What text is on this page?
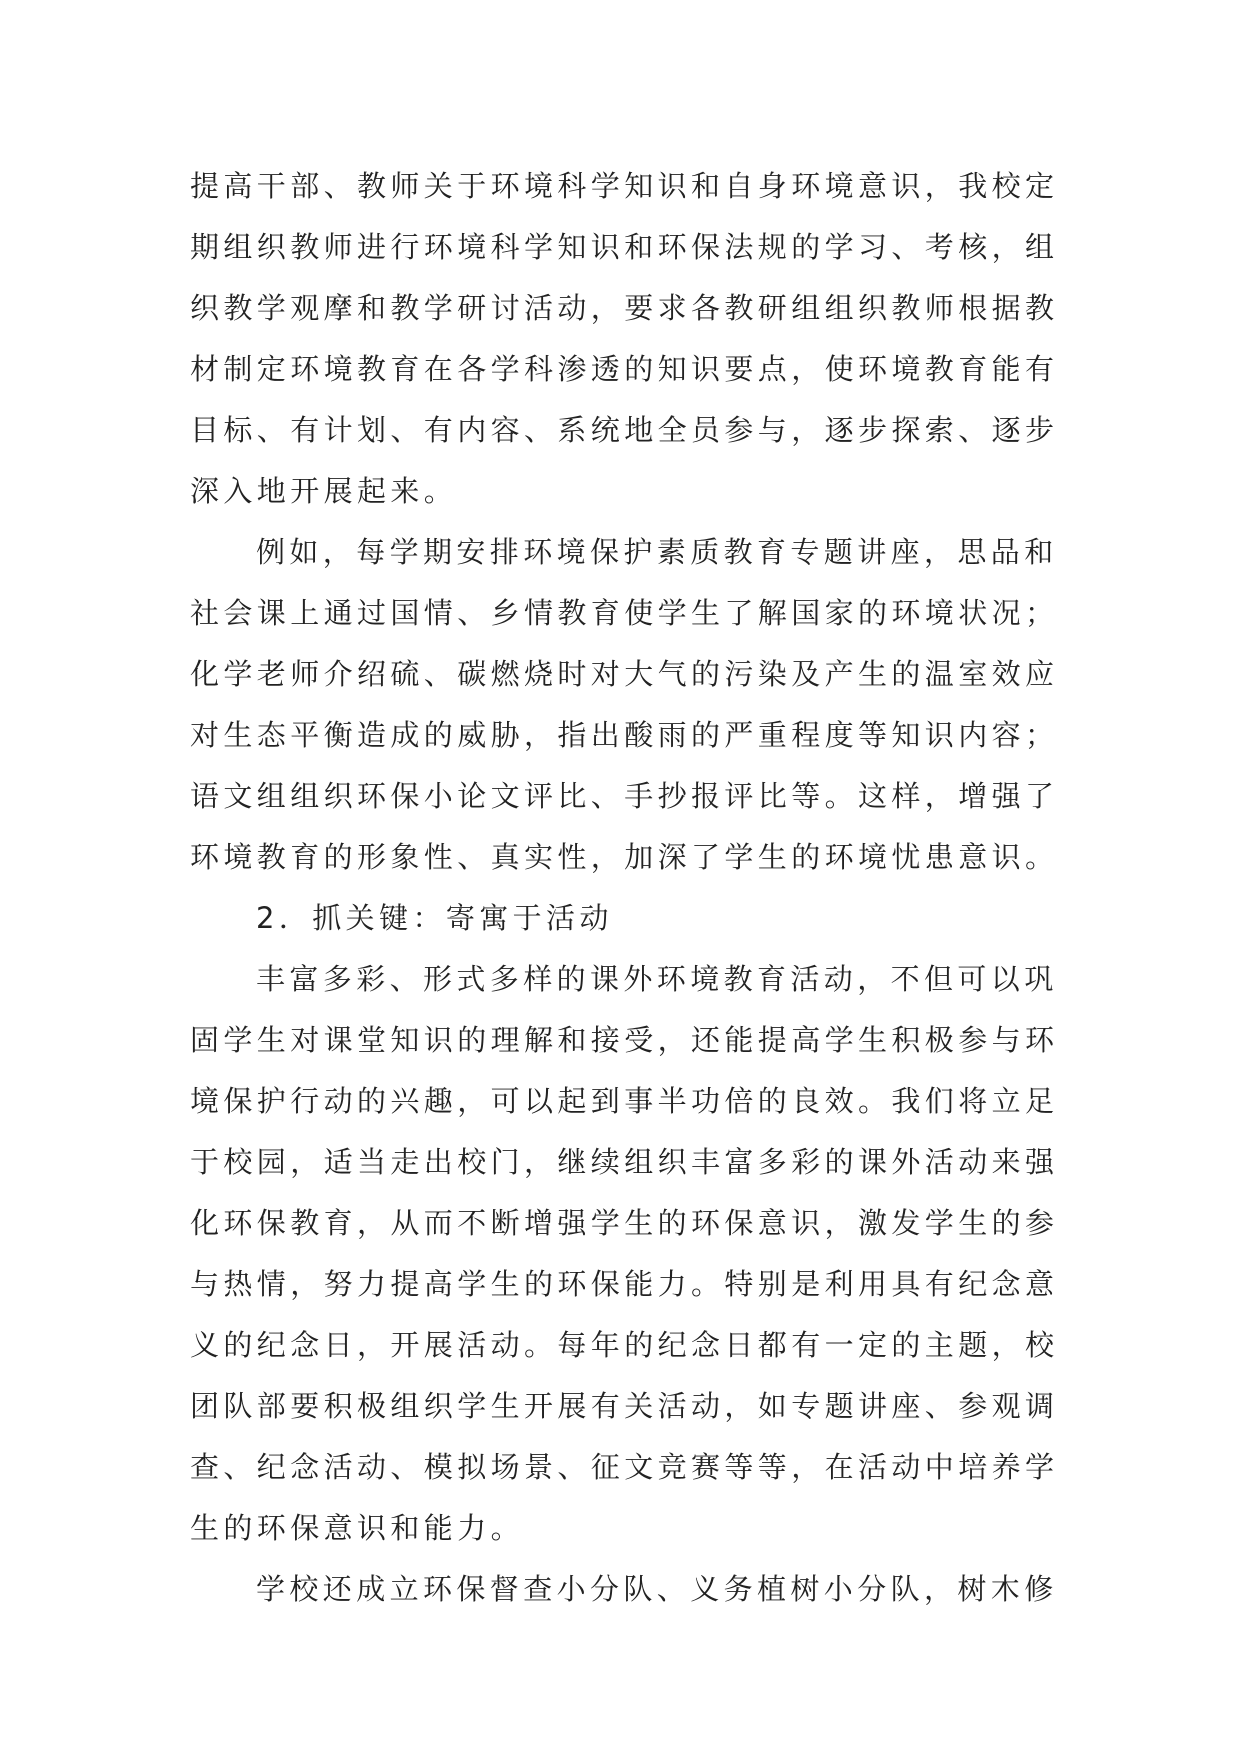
提高干部、教师关于环境科学知识和自身环境意识，我校定
期组织教师进行环境科学知识和环保法规的学习、考核，组
织教学观摩和教学研讨活动，要求各教研组组织教师根据教
材制定环境教育在各学科渗透的知识要点，使环境教育能有
目标、有计划、有内容、系统地全员参与，逐步探索、逐步
深入地开展起来。
例如，每学期安排环境保护素质教育专题讲座，思品和
社会课上通过国情、乡情教育使学生了解国家的环境状况；
化学老师介绍硫、碳燃烧时对大气的污染及产生的温室效应
对生态平衡造成的威胁，指出酸雨的严重程度等知识内容；
语文组组织环保小论文评比、手抄报评比等。这样，增强了
环境教育的形象性、真实性，加深了学生的环境忧患意识。
2．抓关键：寄寓于活动
丰富多彩、形式多样的课外环境教育活动，不但可以巩
固学生对课堂知识的理解和接受，还能提高学生积极参与环
境保护行动的兴趣，可以起到事半功倍的良效。我们将立足
于校园，适当走出校门，继续组织丰富多彩的课外活动来强
化环保教育，从而不断增强学生的环保意识，激发学生的参
与热情，努力提高学生的环保能力。特别是利用具有纪念意
义的纪念日，开展活动。每年的纪念日都有一定的主题，校
团队部要积极组织学生开展有关活动，如专题讲座、参观调
查、纪念活动、模拟场景、征文竞赛等等，在活动中培养学
生的环保意识和能力。
学校还成立环保督查小分队、义务植树小分队，树木修
